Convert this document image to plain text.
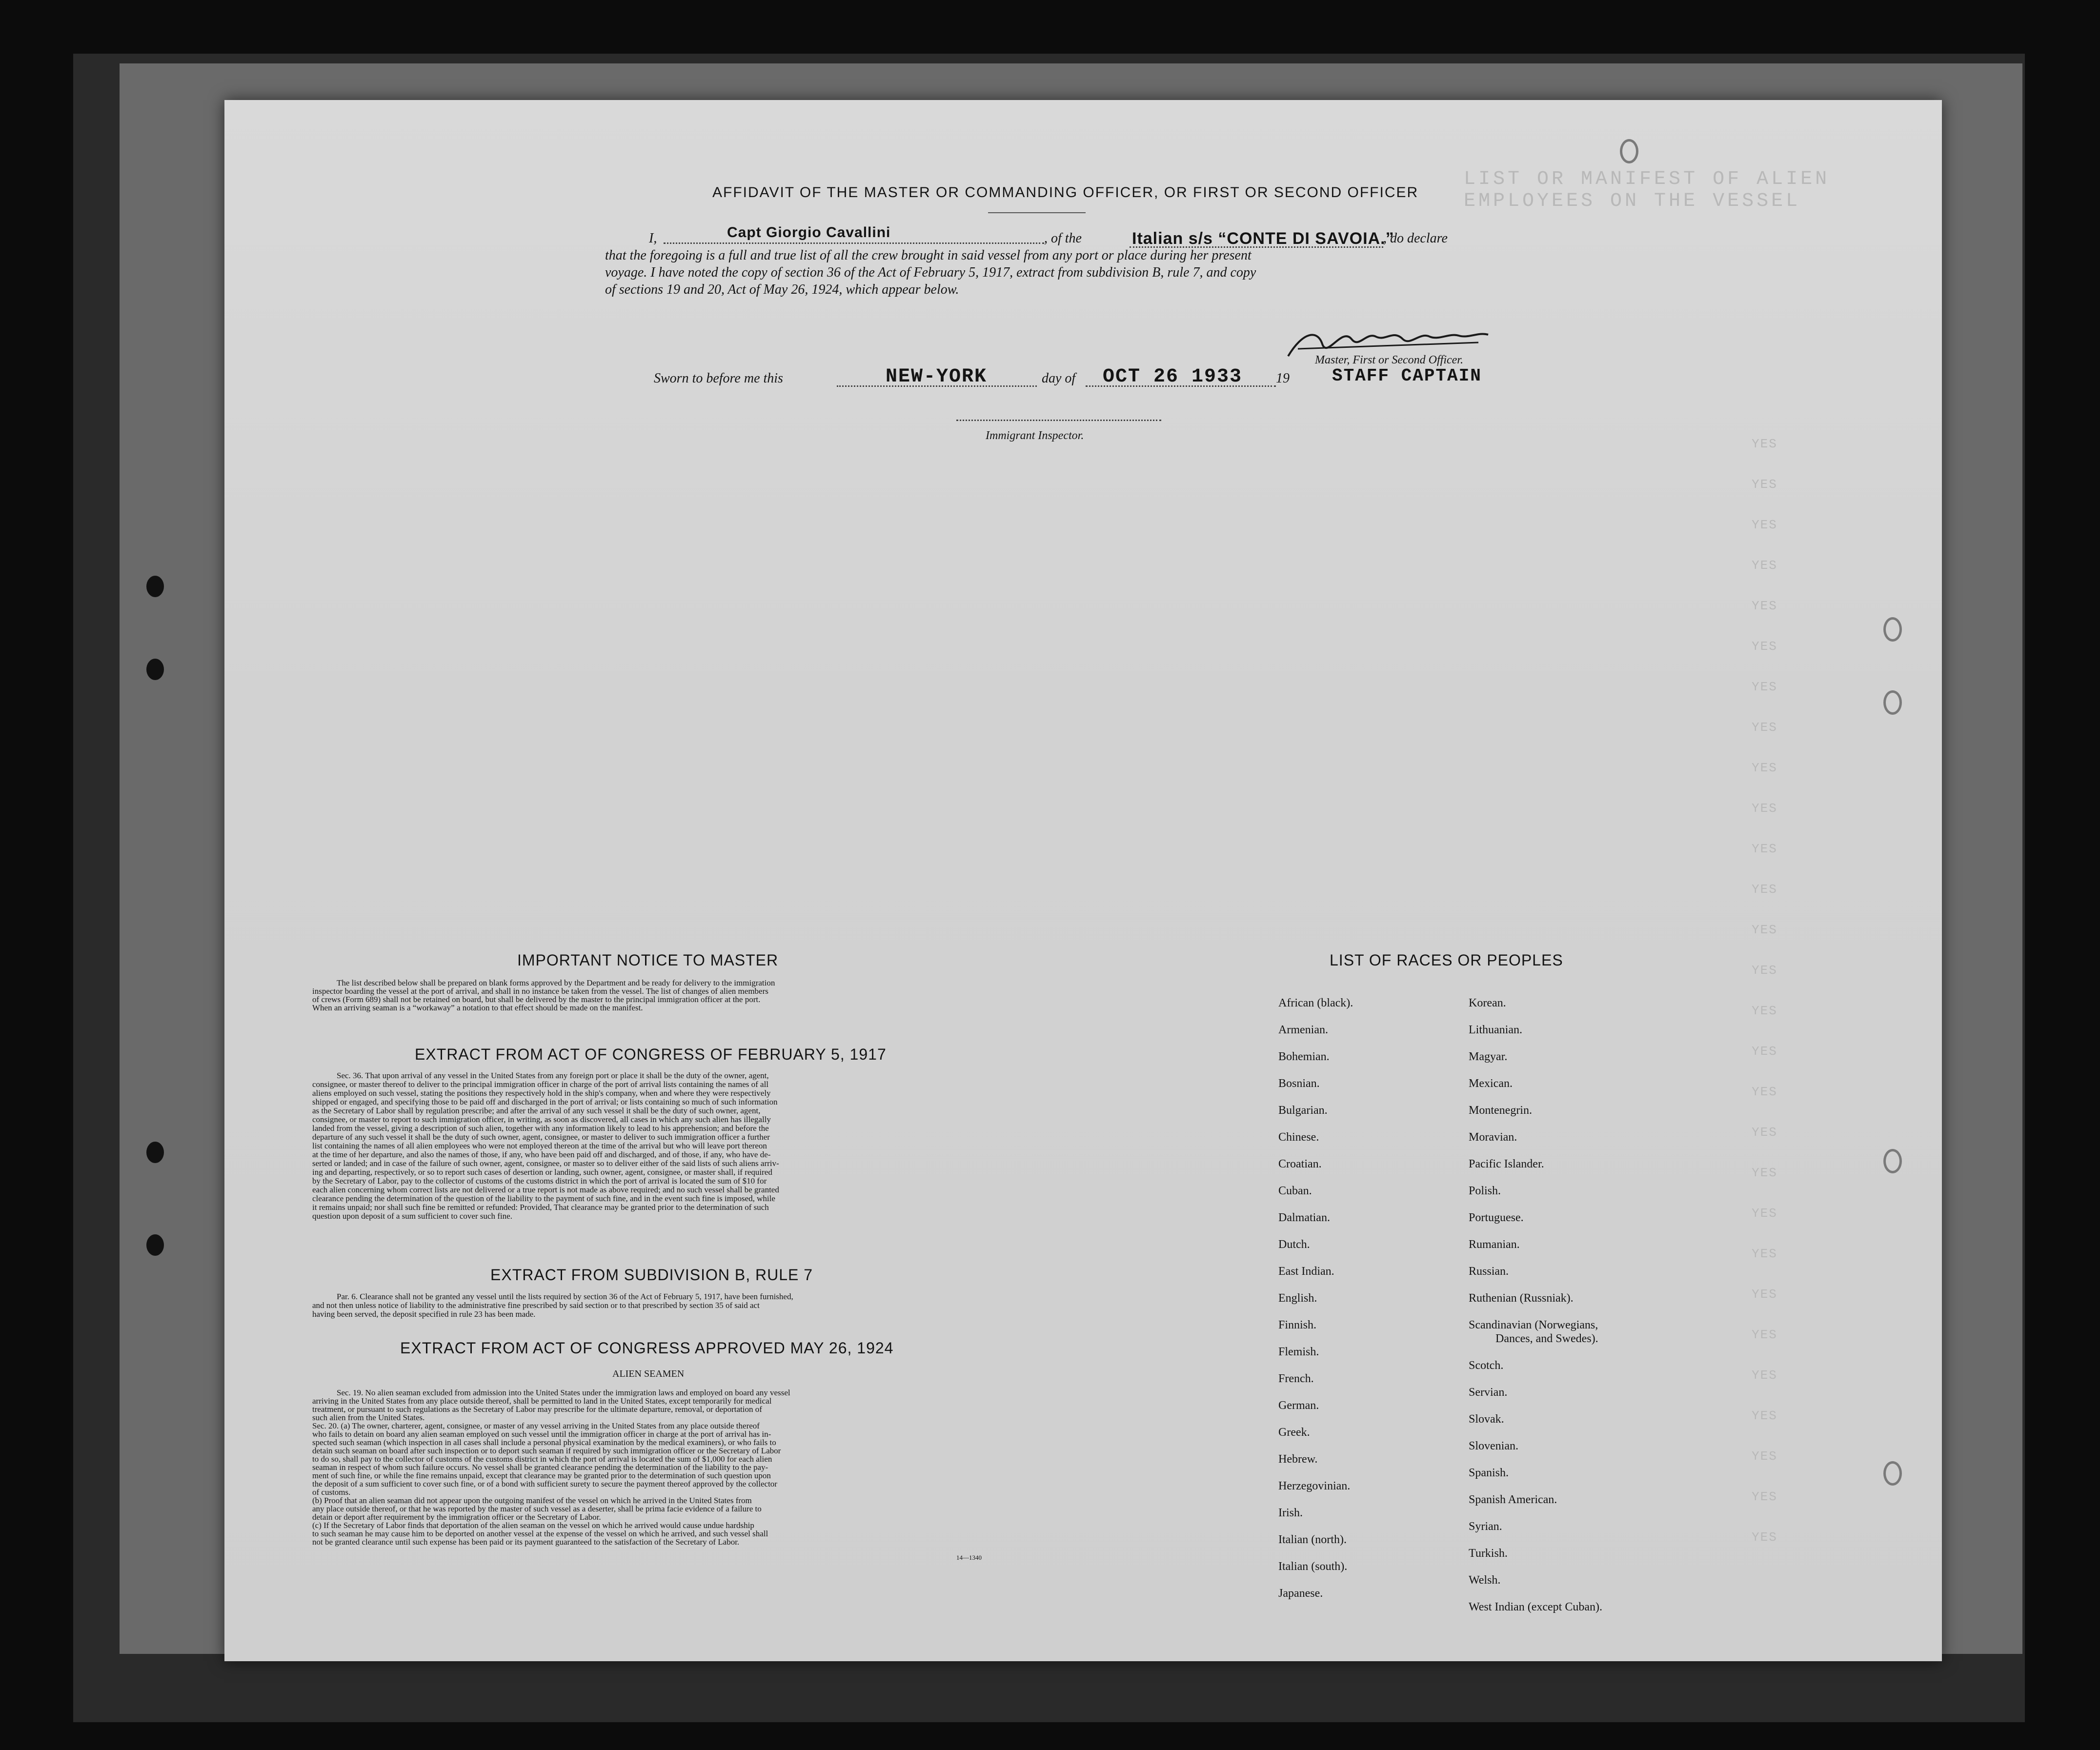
LIST OR MANIFEST OF ALIEN EMPLOYEES ON THE VESSEL
YES
YES
YES
YES
YES
YES
YES
YES
YES
YES
YES
YES
YES
YES
YES
YES
YES
YES
YES
YES
YES
YES
YES
YES
YES
YES
YES
YES
AFFIDAVIT OF THE MASTER OR COMMANDING OFFICER, OR FIRST OR SECOND OFFICER
I,	Capt Giorgio Cavallini	, of the	Italian s/s “CONTE DI SAVOIA.”
, do declare
that the foregoing is a full and true list of all the crew brought in said vessel from any port or place during her present
voyage. I have noted the copy of section 36 of the Act of February 5, 1917, extract from subdivision B, rule 7, and copy
of sections 19 and 20, Act of May 26, 1924, which appear below.
Master, First or Second Officer.
Sworn to before me this	NEW-YORK	day of OCT 26 1933 19 STAFF CAPTAIN
Immigrant Inspector.
IMPORTANT NOTICE TO MASTER
The list described below shall be prepared on blank forms approved by the Department and be ready for delivery to the immigration
inspector boarding the vessel at the port of arrival, and shall in no instance be taken from the vessel. The list of changes of alien members
of crews (Form 689) shall not be retained on board, but shall be delivered by the master to the principal immigration officer at the port.
When an arriving seaman is a “workaway” a notation to that effect should be made on the manifest.
EXTRACT FROM ACT OF CONGRESS OF FEBRUARY 5, 1917
Sec. 36. That upon arrival of any vessel in the United States from any foreign port or place it shall be the duty of the owner, agent,
consignee, or master thereof to deliver to the principal immigration officer in charge of the port of arrival lists containing the names of all
aliens employed on such vessel, stating the positions they respectively hold in the ship's company, when and where they were respectively
shipped or engaged, and specifying those to be paid off and discharged in the port of arrival; or lists containing so much of such information
as the Secretary of Labor shall by regulation prescribe; and after the arrival of any such vessel it shall be the duty of such owner, agent,
consignee, or master to report to such immigration officer, in writing, as soon as discovered, all cases in which any such alien has illegally
landed from the vessel, giving a description of such alien, together with any information likely to lead to his apprehension; and before the
departure of any such vessel it shall be the duty of such owner, agent, consignee, or master to deliver to such immigration officer a further
list containing the names of all alien employees who were not employed thereon at the time of the arrival but who will leave port thereon
at the time of her departure, and also the names of those, if any, who have been paid off and discharged, and of those, if any, who have de-
serted or landed; and in case of the failure of such owner, agent, consignee, or master so to deliver either of the said lists of such aliens arriv-
ing and departing, respectively, or so to report such cases of desertion or landing, such owner, agent, consignee, or master shall, if required
by the Secretary of Labor, pay to the collector of customs of the customs district in which the port of arrival is located the sum of $10 for
each alien concerning whom correct lists are not delivered or a true report is not made as above required; and no such vessel shall be granted
clearance pending the determination of the question of the liability to the payment of such fine, and in the event such fine is imposed, while
it remains unpaid; nor shall such fine be remitted or refunded: Provided, That clearance may be granted prior to the determination of such
question upon deposit of a sum sufficient to cover such fine.
EXTRACT FROM SUBDIVISION B, RULE 7
Par. 6. Clearance shall not be granted any vessel until the lists required by section 36 of the Act of February 5, 1917, have been furnished,
and not then unless notice of liability to the administrative fine prescribed by said section or to that prescribed by section 35 of said act
having been served, the deposit specified in rule 23 has been made.
EXTRACT FROM ACT OF CONGRESS APPROVED MAY 26, 1924
ALIEN SEAMEN
Sec. 19. No alien seaman excluded from admission into the United States under the immigration laws and employed on board any vessel
arriving in the United States from any place outside thereof, shall be permitted to land in the United States, except temporarily for medical
treatment, or pursuant to such regulations as the Secretary of Labor may prescribe for the ultimate departure, removal, or deportation of
such alien from the United States.
Sec. 20. (a) The owner, charterer, agent, consignee, or master of any vessel arriving in the United States from any place outside thereof
who fails to detain on board any alien seaman employed on such vessel until the immigration officer in charge at the port of arrival has in-
spected such seaman (which inspection in all cases shall include a personal physical examination by the medical examiners), or who fails to
detain such seaman on board after such inspection or to deport such seaman if required by such immigration officer or the Secretary of Labor
to do so, shall pay to the collector of customs of the customs district in which the port of arrival is located the sum of $1,000 for each alien
seaman in respect of whom such failure occurs. No vessel shall be granted clearance pending the determination of the liability to the pay-
ment of such fine, or while the fine remains unpaid, except that clearance may be granted prior to the determination of such question upon
the deposit of a sum sufficient to cover such fine, or of a bond with sufficient surety to secure the payment thereof approved by the collector
of customs.
(b) Proof that an alien seaman did not appear upon the outgoing manifest of the vessel on which he arrived in the United States from
any place outside thereof, or that he was reported by the master of such vessel as a deserter, shall be prima facie evidence of a failure to
detain or deport after requirement by the immigration officer or the Secretary of Labor.
(c) If the Secretary of Labor finds that deportation of the alien seaman on the vessel on which he arrived would cause undue hardship
to such seaman he may cause him to be deported on another vessel at the expense of the vessel on which he arrived, and such vessel shall
not be granted clearance until such expense has been paid or its payment guaranteed to the satisfaction of the Secretary of Labor.
14—1340
LIST OF RACES OR PEOPLES
African (black).
Armenian.
Bohemian.
Bosnian.
Bulgarian.
Chinese.
Croatian.
Cuban.
Dalmatian.
Dutch.
East Indian.
English.
Finnish.
Flemish.
French.
German.
Greek.
Hebrew.
Herzegovinian.
Irish.
Italian (north).
Italian (south).
Japanese.
Korean.
Lithuanian.
Magyar.
Mexican.
Montenegrin.
Moravian.
Pacific Islander.
Polish.
Portuguese.
Rumanian.
Russian.
Ruthenian (Russniak).
Scandinavian (Norwegians,
Dances, and Swedes).
Scotch.
Servian.
Slovak.
Slovenian.
Spanish.
Spanish American.
Syrian.
Turkish.
Welsh.
West Indian (except Cuban).
